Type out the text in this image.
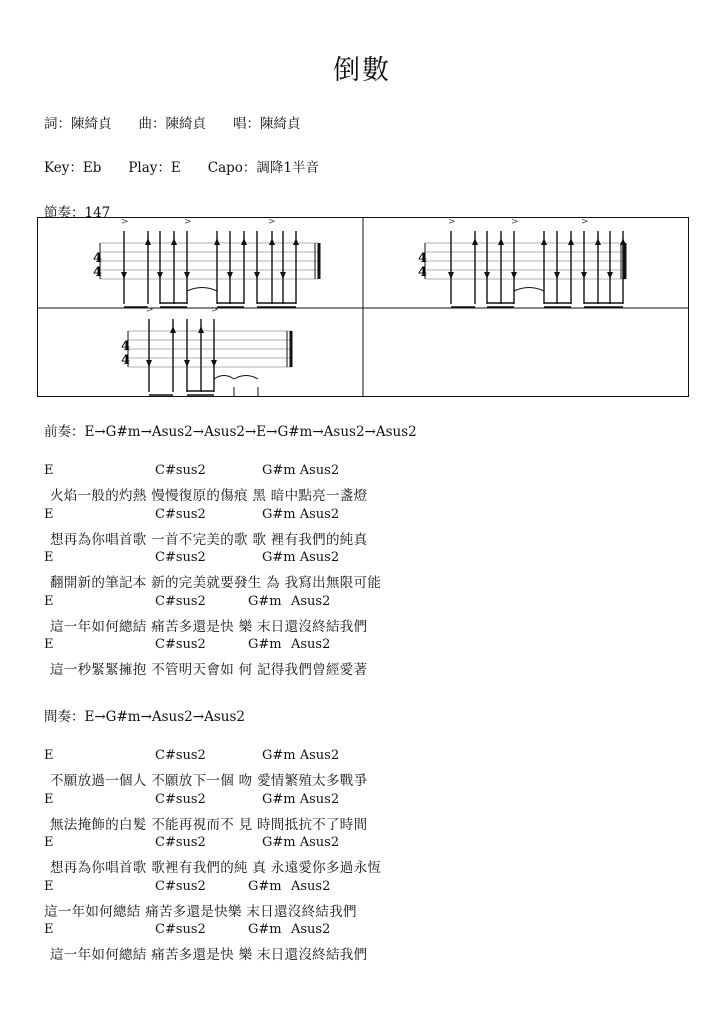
倒數
詞：陳綺貞　　曲：陳綺貞　　唱：陳綺貞
Key：Eb　　Play：E　　Capo：調降1半音
節奏：147
4
4
>	>	>
4
4
>	>	>
4
4
>	>
前奏：E→G#m→Asus2→Asus2→E→G#m→Asus2→Asus2
E	C#sus2	G#m Asus2
火焰一般的灼熱 慢慢復原的傷痕 黑 暗中點亮一盞燈
E	C#sus2	G#m Asus2
想再為你唱首歌 一首不完美的歌 歌 裡有我們的純真
E	C#sus2	G#m Asus2
翻開新的筆記本 新的完美就要發生 為 我寫出無限可能
E	C#sus2	G#m Asus2
這一年如何總結 痛苦多還是快 樂 末日還沒終結我們
E	C#sus2	G#m Asus2
這一秒緊緊擁抱 不管明天會如 何 記得我們曾經愛著
間奏：E→G#m→Asus2→Asus2
E	C#sus2	G#m Asus2
不願放過一個人 不願放下一個 吻 愛情繁殖太多戰爭
E	C#sus2	G#m Asus2
無法掩飾的白髮 不能再視而不 見 時間抵抗不了時間
E	C#sus2	G#m Asus2
想再為你唱首歌 歌裡有我們的純 真 永遠愛你多過永恆
E	C#sus2	G#m Asus2
這一年如何總結 痛苦多還是快樂 末日還沒終結我們
E	C#sus2	G#m Asus2
這一年如何總結 痛苦多還是快 樂 末日還沒終結我們
